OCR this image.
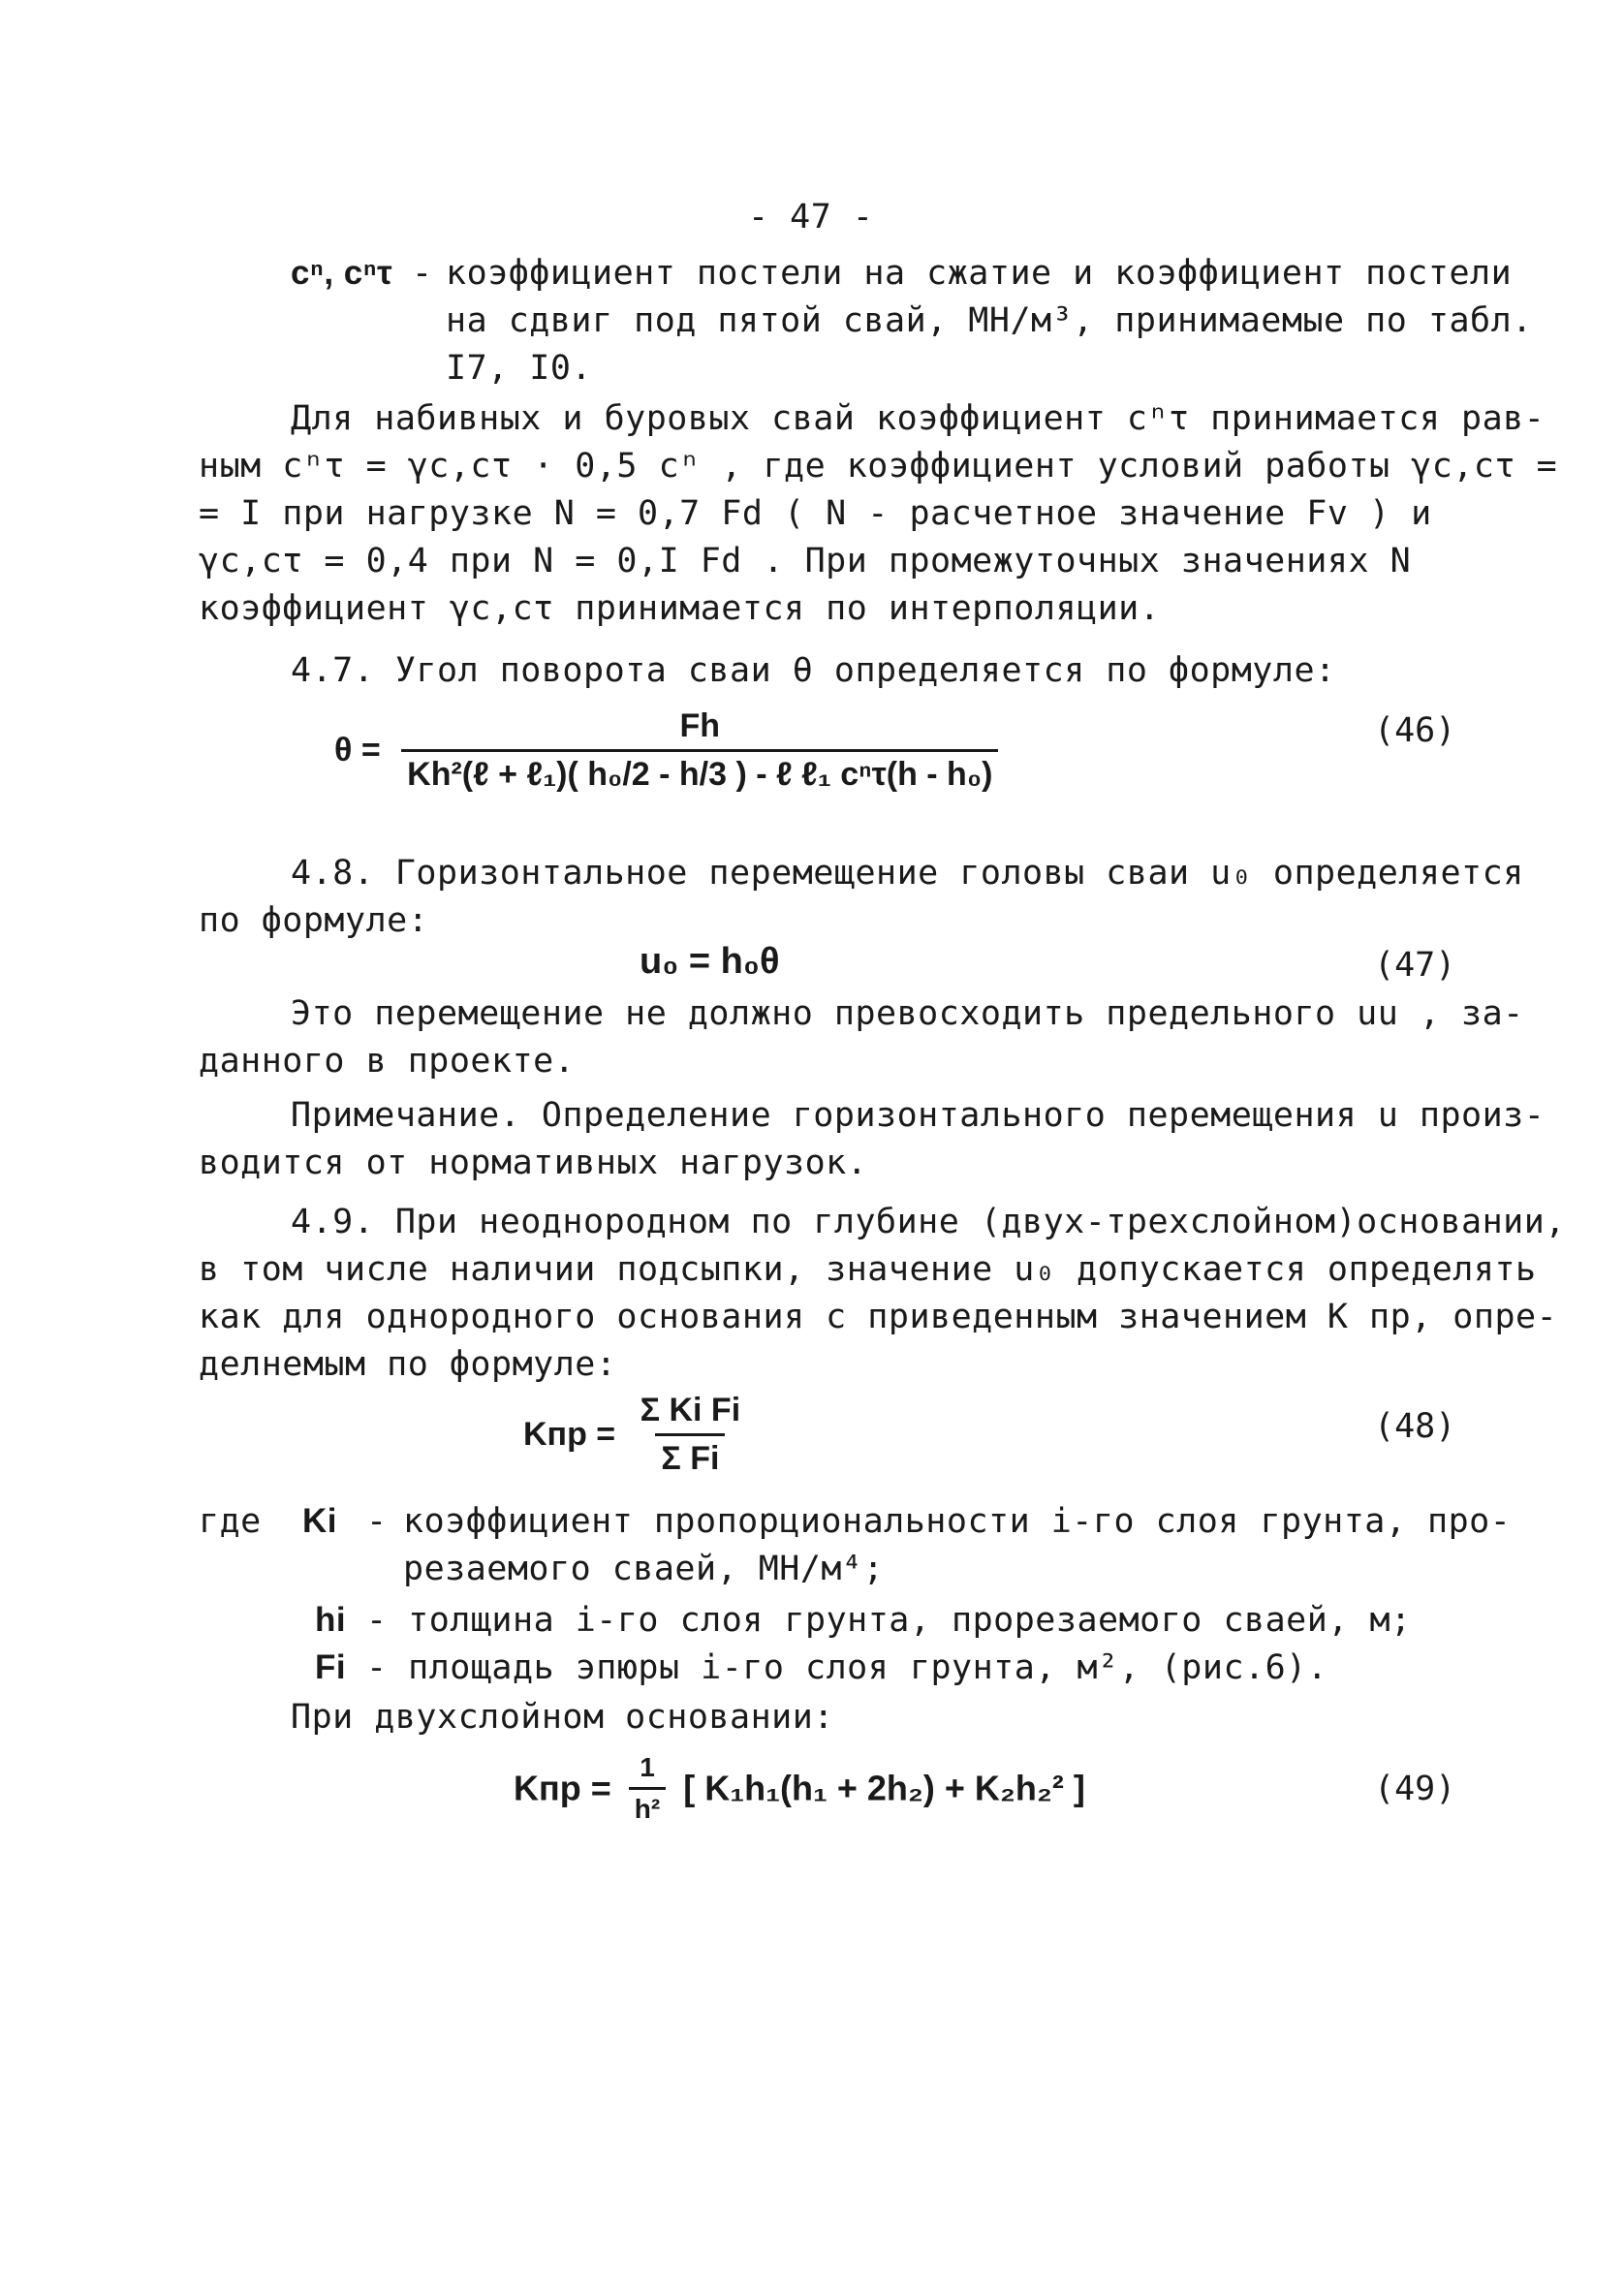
- 47 -
cⁿ, cⁿτ - коэффициент постели на сжатие и коэффициент постели
на сдвиг под пятой свай, МН/м³, принимаемые по табл.
I7, I0.
Для набивных и буровых свай коэффициент cⁿτ принимается рав-
ным cⁿτ = γc,cτ · 0,5 cⁿ , где коэффициент условий работы γc,cτ =
= I при нагрузке N = 0,7 Fd ( N - расчетное значение Fv ) и
γc,cτ = 0,4 при N = 0,I Fd . При промежуточных значениях N
коэффициент γc,cτ принимается по интерполяции.
4.7. Угол поворота сваи θ определяется по формуле:
$\theta = \frac{Fh}{\text{Kh²(ℓ + ℓ₁)( h₀/2 - h/3 ) - ℓ ℓ₁ cⁿτ(h - h₀)}}$	(46)
4.8. Горизонтальное перемещение головы сваи u₀ определяется
по формуле:
u₀ = h₀θ	(47)
Это перемещение не должно превосходить предельного uu , за-
данного в проекте.
Примечание. Определение горизонтального перемещения u произ-
водится от нормативных нагрузок.
4.9. При неоднородном по глубине (двух-трехслойном)основании,
в том числе наличии подсыпки, значение u₀ допускается определять
как для однородного основания с приведенным значением K пр, опре-
делнемым по формуле:
Kпр = $\frac{\text{Σ Ki Fi}}{\text{Σ Fi}}$	(48)
где Ki - коэффициент пропорциональности i-го слоя грунта, про-
резаемого сваей, МН/м⁴;
hi - толщина i-го слоя грунта, прорезаемого сваей, м;
Fi - площадь эпюры i-го слоя грунта, м², (рис.6).
При двухслойном основании:
Kпр = $\frac{1}{\text{h²}}$ [ K₁h₁(h₁ + 2h₂) + K₂h₂² ]	(49)
